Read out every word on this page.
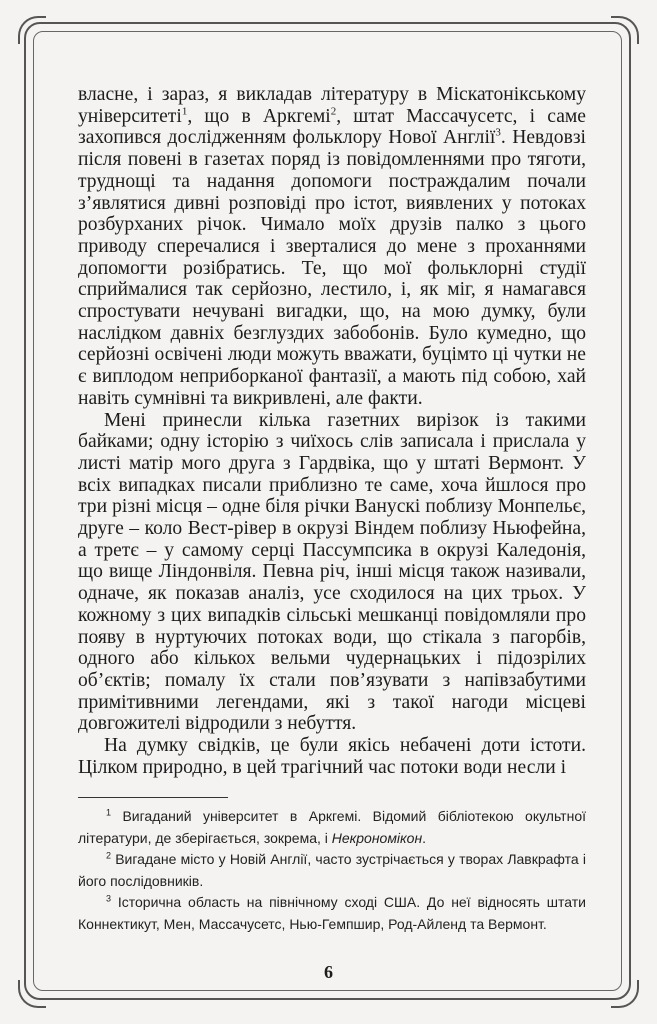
власне, і зараз, я викладав літературу в Міскатонікському університеті$^1$, що в Аркгемі$^2$, штат Массачусетс, і саме захопився дослідженням фольклору Нової Англії$^3$. Невдовзі після повені в газетах поряд із повідомленнями про тяготи, труднощі та надання допомоги постраждалим почали з’являтися дивні розповіді про істот, виявлених у потоках розбурханих річок. Чимало моїх друзів палко з цього приводу сперечалися і зверталися до мене з проханнями допомогти розібратись. Те, що мої фольклорні студії сприймалися так серйозно, лестило, і, як міг, я намагався спростувати нечувані вигадки, що, на мою думку, були наслідком давніх безглуздих забобонів. Було кумедно, що серйозні освічені люди можуть вважати, буцімто ці чутки не є виплодом неприборканої фантазії, а мають під собою, хай навіть сумнівні та викривлені, але факти.

Мені принесли кілька газетних вирізок із такими байками; одну історію з чиїхось слів записала і прислала у листі матір мого друга з Гардвіка, що у штаті Вермонт. У всіх випадках писали приблизно те саме, хоча йшлося про три різні місця – одне біля річки Ванускі поблизу Монпельє, друге – коло Вест-рівер в окрузі Віндем поблизу Ньюфейна, а третє – у самому серці Пассумпсика в окрузі Каледонія, що вище Ліндонвіля. Певна річ, інші місця також називали, одначе, як показав аналіз, усе сходилося на цих трьох. У кожному з цих випадків сільські мешканці повідомляли про появу в нуртуючих потоках води, що стікала з пагорбів, одного або кількох вельми чудернацьких і підозрілих об’єктів; помалу їх стали пов’язувати з напівзабутими примітивними легендами, які з такої нагоди місцеві довгожителі відродили з небуття.

На думку свідків, це були якісь небачені доти істоти. Цілком природно, в цей трагічний час потоки води несли і

$^1$ Вигаданий університет в Аркгемі. Відомий бібліотекою окультної літератури, де зберігається, зокрема, і Некрономікон.

$^2$ Вигадане місто у Новій Англії, часто зустрічається у творах Лавкрафта і його послідовників.

$^3$ Історична область на північному сході США. До неї відносять штати Коннектикут, Мен, Массачусетс, Нью-Гемпшир, Род-Айленд та Вермонт.

6
